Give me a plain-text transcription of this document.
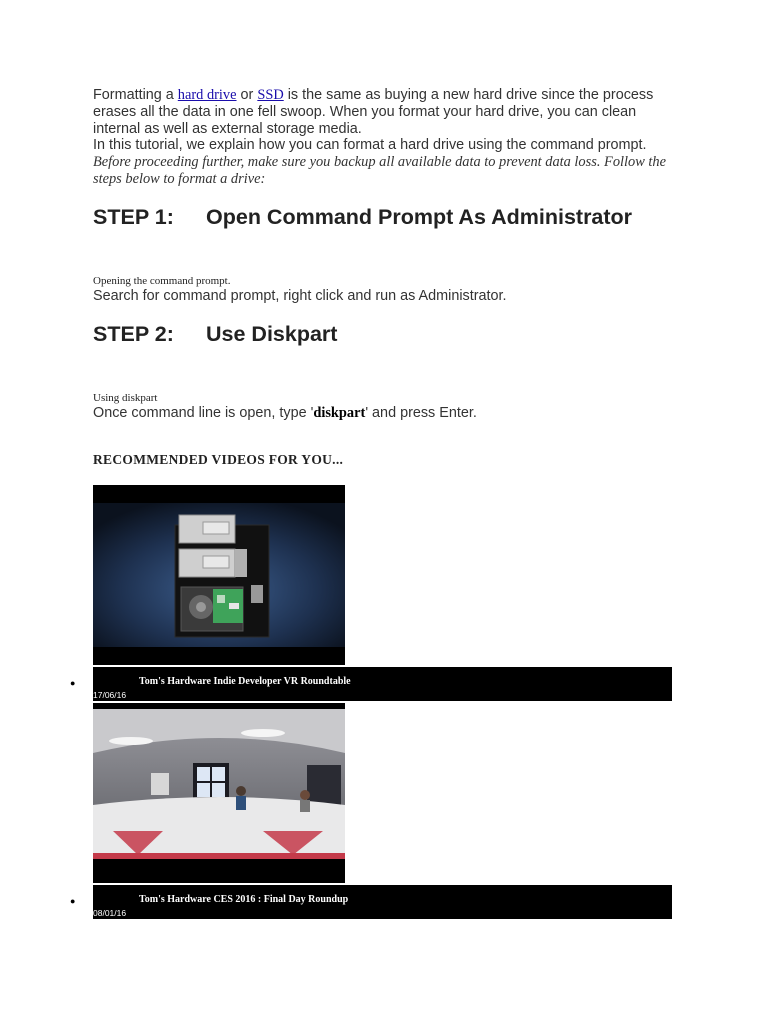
Formatting a hard drive or SSD is the same as buying a new hard drive since the process erases all the data in one fell swoop. When you format your hard drive, you can clean internal as well as external storage media.

In this tutorial, we explain how you can format a hard drive using the command prompt. Before proceeding further, make sure you backup all available data to prevent data loss. Follow the steps below to format a drive:

STEP 1: Open Command Prompt As Administrator
Opening the command prompt.
Search for command prompt, right click and run as Administrator.
STEP 2: Use Diskpart
Using diskpart
Once command line is open, type 'diskpart' and press Enter.
RECOMMENDED VIDEOS FOR YOU...
●	Tom's Hardware Indie Developer VR Roundtable
17/06/16
●	Tom's Hardware CES 2016 : Final Day Roundup
08/01/16
